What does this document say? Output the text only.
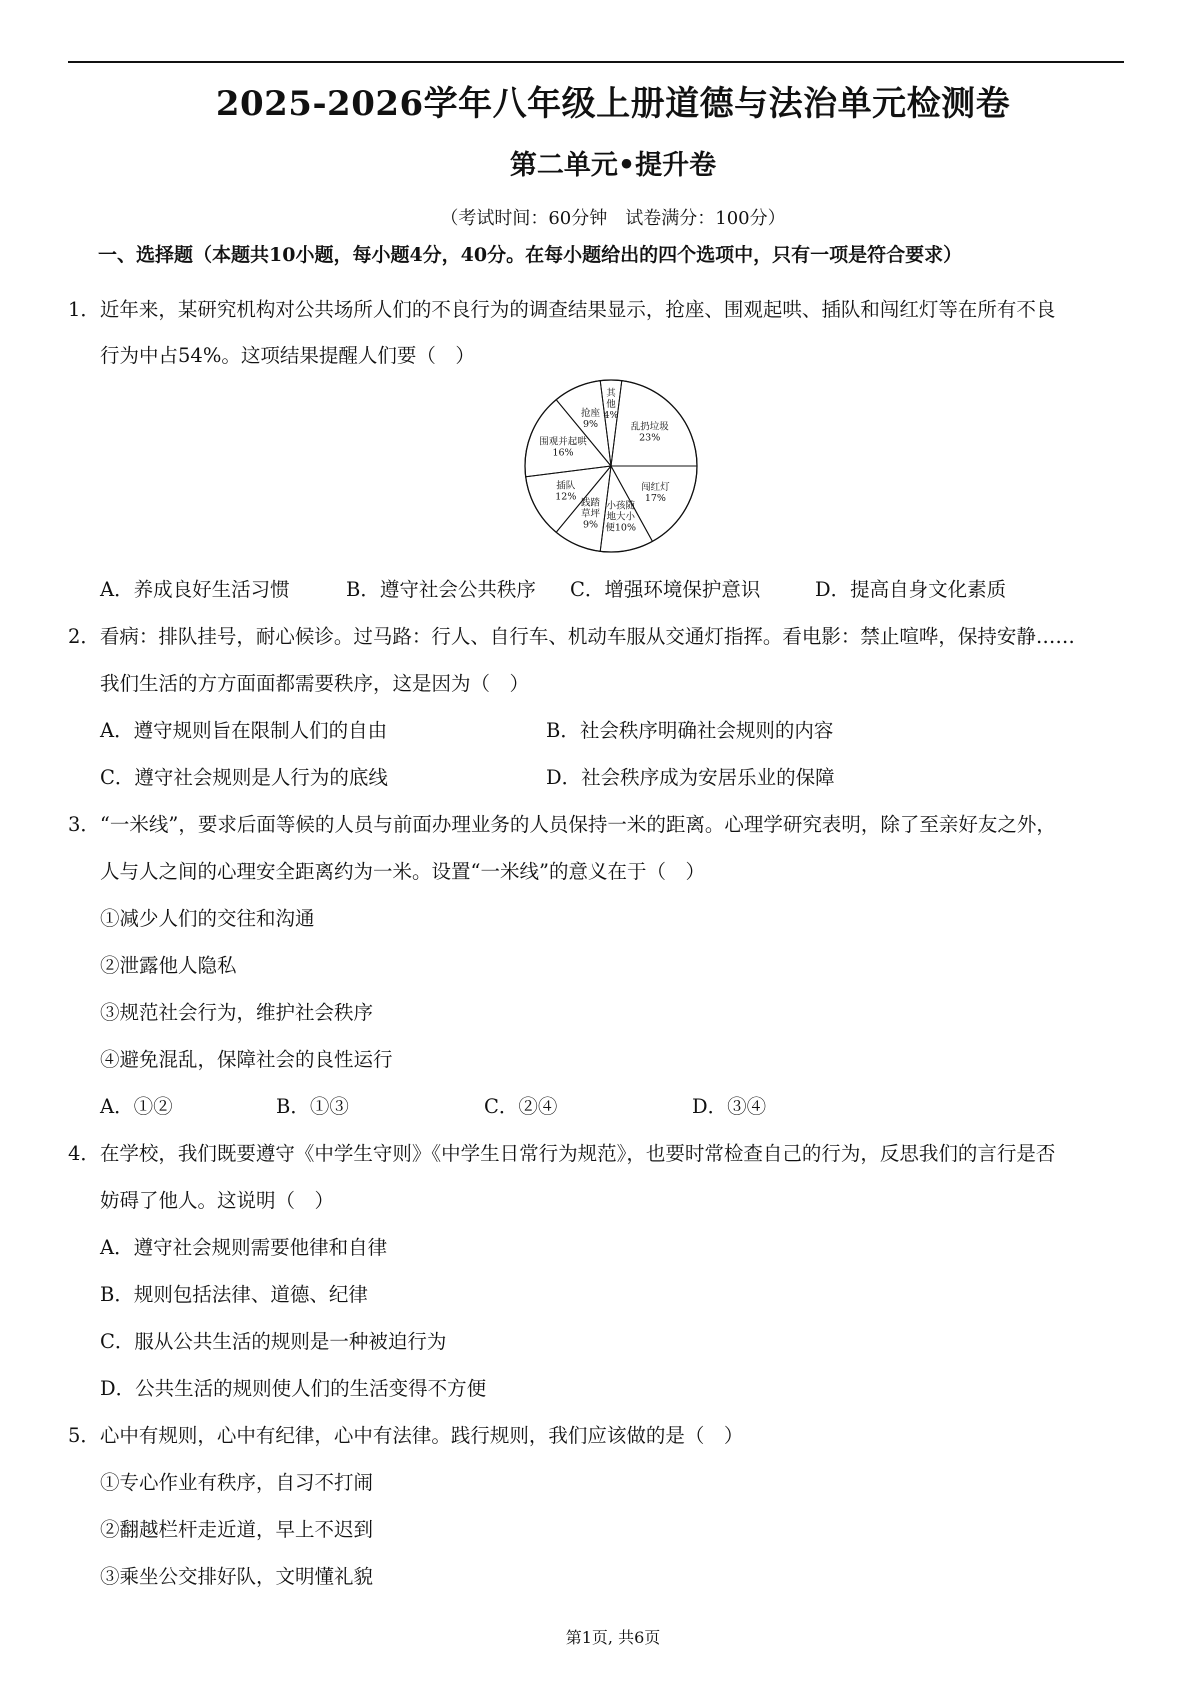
2025-2026学年八年级上册道德与法治单元检测卷
第二单元•提升卷
（考试时间：60分钟　试卷满分：100分）
一、选择题（本题共10小题，每小题4分，40分。在每小题给出的四个选项中，只有一项是符合要求）
1．近年来，某研究机构对公共场所人们的不良行为的调查结果显示，抢座、围观起哄、插队和闯红灯等在所有不良
行为中占54%。这项结果提醒人们要（　）
乱扔垃圾 23%
闯红灯 17%
小孩随地大小便10%
践踏草坪 9%
插队 12%
围观并起哄 16%
抢座 9%
其他 4%
A．养成良好生活习惯	B．遵守社会公共秩序 C．增强环境保护意识	D．提高自身文化素质
2．看病：排队挂号，耐心候诊。过马路：行人、自行车、机动车服从交通灯指挥。看电影：禁止喧哗，保持安静……
我们生活的方方面面都需要秩序，这是因为（　）
A．遵守规则旨在限制人们的自由	B．社会秩序明确社会规则的内容
C．遵守社会规则是人行为的底线	D．社会秩序成为安居乐业的保障
3．“一米线”，要求后面等候的人员与前面办理业务的人员保持一米的距离。心理学研究表明，除了至亲好友之外，
人与人之间的心理安全距离约为一米。设置“一米线”的意义在于（　）
①减少人们的交往和沟通
②泄露他人隐私
③规范社会行为，维护社会秩序
④避免混乱，保障社会的良性运行
A．①②	B．①③	C．②④	D．③④
4．在学校，我们既要遵守《中学生守则》《中学生日常行为规范》，也要时常检查自己的行为，反思我们的言行是否
妨碍了他人。这说明（　）
A．遵守社会规则需要他律和自律
B．规则包括法律、道德、纪律
C．服从公共生活的规则是一种被迫行为
D．公共生活的规则使人们的生活变得不方便
5．心中有规则，心中有纪律，心中有法律。践行规则，我们应该做的是（　）
①专心作业有秩序，自习不打闹
②翻越栏杆走近道，早上不迟到
③乘坐公交排好队，文明懂礼貌
第1页, 共6页
